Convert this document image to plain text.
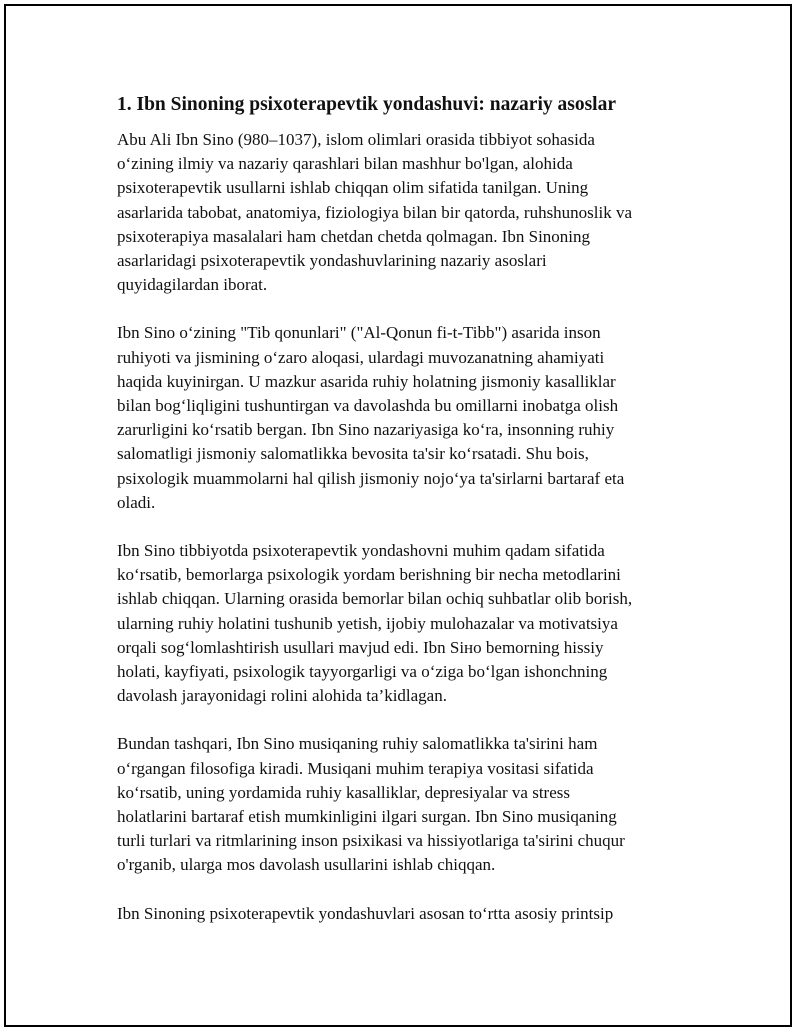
1. Ibn Sinoning psixoterapevtik yondashuvi: nazariy asoslar

Abu Ali Ibn Sino (980–1037), islom olimlari orasida tibbiyot sohasida
o‘zining ilmiy va nazariy qarashlari bilan mashhur bo'lgan, alohida
psixoterapevtik usullarni ishlab chiqqan olim sifatida tanilgan. Uning
asarlarida tabobat, anatomiya, fiziologiya bilan bir qatorda, ruhshunoslik va
psixoterapiya masalalari ham chetdan chetda qolmagan. Ibn Sinoning
asarlaridagi psixoterapevtik yondashuvlarining nazariy asoslari
quyidagilardan iborat.

Ibn Sino o‘zining "Tib qonunlari" ("Al-Qonun fi-t-Tibb") asarida inson
ruhiyoti va jismining o‘zaro aloqasi, ulardagi muvozanatning ahamiyati
haqida kuyinirgan. U mazkur asarida ruhiy holatning jismoniy kasalliklar
bilan bog‘liqligini tushuntirgan va davolashda bu omillarni inobatga olish
zarurligini ko‘rsatib bergan. Ibn Sino nazariyasiga ko‘ra, insonning ruhiy
salomatligi jismoniy salomatlikka bevosita ta'sir ko‘rsatadi. Shu bois,
psixologik muammolarni hal qilish jismoniy nojo‘ya ta'sirlarni bartaraf eta
oladi.

Ibn Sino tibbiyotda psixoterapevtik yondashovni muhim qadam sifatida
ko‘rsatib, bemorlarga psixologik yordam berishning bir necha metodlarini
ishlab chiqqan. Ularning orasida bemorlar bilan ochiq suhbatlar olib borish,
ularning ruhiy holatini tushunib yetish, ijobiy mulohazalar va motivatsiya
orqali sog‘lomlashtirish usullari mavjud edi. Ibn Siнo bemorning hissiy
holati, kayfiyati, psixologik tayyorgarligi va o‘ziga bo‘lgan ishonchning
davolash jarayonidagi rolini alohida ta’kidlagan.

Bundan tashqari, Ibn Sino musiqaning ruhiy salomatlikka ta'sirini ham
o‘rgangan filosofiga kiradi. Musiqani muhim terapiya vositasi sifatida
ko‘rsatib, uning yordamida ruhiy kasalliklar, depresiyalar va stress
holatlarini bartaraf etish mumkinligini ilgari surgan. Ibn Sino musiqaning
turli turlari va ritmlarining inson psixikasi va hissiyotlariga ta'sirini chuqur
o'rganib, ularga mos davolash usullarini ishlab chiqqan.

Ibn Sinoning psixoterapevtik yondashuvlari asosan to‘rtta asosiy printsip
